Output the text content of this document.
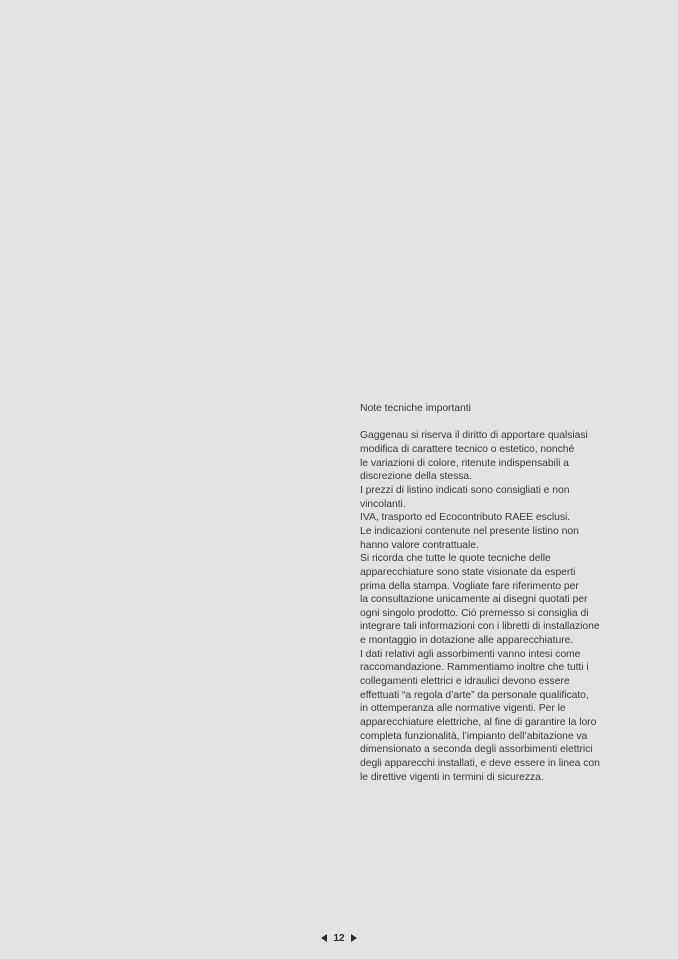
Note tecniche importanti

Gaggenau si riserva il diritto di apportare qualsiasi
modifica di carattere tecnico o estetico, nonché
le variazioni di colore, ritenute indispensabili a
discrezione della stessa.
I prezzi di listino indicati sono consigliati e non
vincolanti.
IVA, trasporto ed Ecocontributo RAEE esclusi.
Le indicazioni contenute nel presente listino non
hanno valore contrattuale.
Si ricorda che tutte le quote tecniche delle
apparecchiature sono state visionate da esperti
prima della stampa. Vogliate fare riferimento per
la consultazione unicamente ai disegni quotati per
ogni singolo prodotto. Ciò premesso si consiglia di
integrare tali informazioni con i libretti di installazione
e montaggio in dotazione alle apparecchiature.
I dati relativi agli assorbimenti vanno intesi come
raccomandazione. Rammentiamo inoltre che tutti i
collegamenti elettrici e idraulici devono essere
effettuati “a regola d’arte” da personale qualificato,
in ottemperanza alle normative vigenti. Per le
apparecchiature elettriche, al fine di garantire la loro
completa funzionalità, l’impianto dell’abitazione va
dimensionato a seconda degli assorbimenti elettrici
degli apparecchi installati, e deve essere in linea con
le direttive vigenti in termini di sicurezza.

12
